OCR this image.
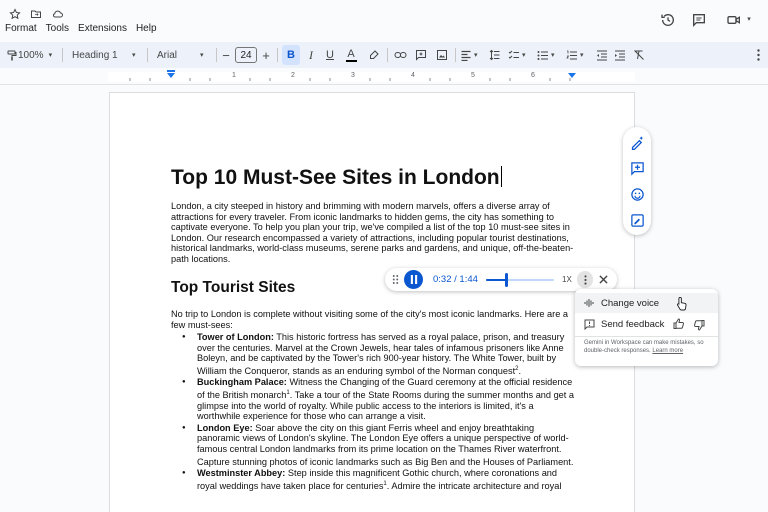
Format Tools Extensions Help
▾
100% ▾ Heading 1 ▾ Arial	▾ − 24 + B I U A	▾	▾	▾	▾
1	2	3	4	5	6
Top 10 Must-See Sites in London
London, a city steeped in history and brimming with modern marvels, offers a diverse array of attractions for every traveler. From iconic landmarks to hidden gems, the city has something to captivate everyone. To help you plan your trip, we've compiled a list of the top 10 must-see sites in London. Our research encompassed a variety of attractions, including popular tourist destinations, historical landmarks, world-class museums, serene parks and gardens, and unique, off-the-beaten-path locations.
Top Tourist Sites
No trip to London is complete without visiting some of the city's most iconic landmarks. Here are a few must-sees:
● Tower of London: This historic fortress has served as a royal palace, prison, and treasury over the centuries. Marvel at the Crown Jewels, hear tales of infamous prisoners like Anne Boleyn, and be captivated by the Tower's rich 900-year history. The White Tower, built by William the Conqueror, stands as an enduring symbol of the Norman conquest$^2$.
● Buckingham Palace: Witness the Changing of the Guard ceremony at the official residence of the British monarch$^1$. Take a tour of the State Rooms during the summer months and get a glimpse into the world of royalty. While public access to the interiors is limited, it's a worthwhile experience for those who can arrange a visit.
● London Eye: Soar above the city on this giant Ferris wheel and enjoy breathtaking panoramic views of London's skyline. The London Eye offers a unique perspective of world-famous central London landmarks from its prime location on the Thames River waterfront. Capture stunning photos of iconic landmarks such as Big Ben and the Houses of Parliament.
● Westminster Abbey: Step inside this magnificent Gothic church, where coronations and royal weddings have taken place for centuries$^1$. Admire the intricate architecture and royal
0:32 / 1:44	1X
Change voice
Send feedback
Gemini in Workspace can make mistakes, so double-check responses. Learn more
